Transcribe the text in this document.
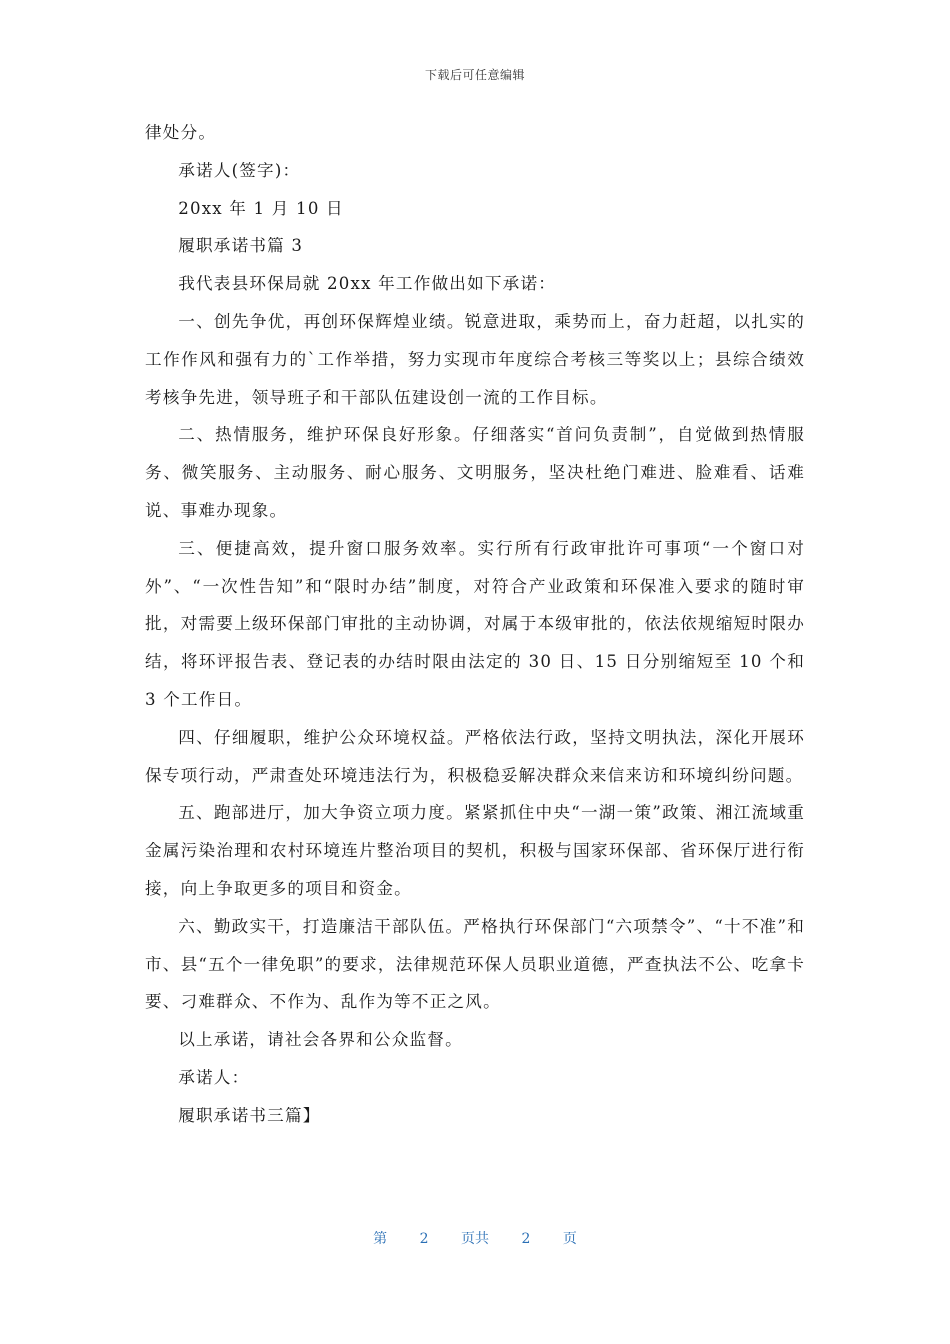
下载后可任意编辑

律处分。

承诺人(签字)：

20xx 年 1 月 10 日

履职承诺书篇 3

我代表县环保局就 20xx 年工作做出如下承诺：

一、创先争优，再创环保辉煌业绩。锐意进取，乘势而上，奋力赶超，以扎实的工作作风和强有力的`工作举措，努力实现市年度综合考核三等奖以上；县综合绩效考核争先进，领导班子和干部队伍建设创一流的工作目标。

二、热情服务，维护环保良好形象。仔细落实“首问负责制”，自觉做到热情服务、微笑服务、主动服务、耐心服务、文明服务，坚决杜绝门难进、脸难看、话难说、事难办现象。

三、便捷高效，提升窗口服务效率。实行所有行政审批许可事项“一个窗口对外”、“一次性告知”和“限时办结”制度，对符合产业政策和环保准入要求的随时审批，对需要上级环保部门审批的主动协调，对属于本级审批的，依法依规缩短时限办结，将环评报告表、登记表的办结时限由法定的 30 日、15 日分别缩短至 10 个和 3 个工作日。

四、仔细履职，维护公众环境权益。严格依法行政，坚持文明执法，深化开展环保专项行动，严肃查处环境违法行为，积极稳妥解决群众来信来访和环境纠纷问题。

五、跑部进厅，加大争资立项力度。紧紧抓住中央“一湖一策”政策、湘江流域重金属污染治理和农村环境连片整治项目的契机，积极与国家环保部、省环保厅进行衔接，向上争取更多的项目和资金。

六、勤政实干，打造廉洁干部队伍。严格执行环保部门“六项禁令”、“十不准”和市、县“五个一律免职”的要求，法律规范环保人员职业道德，严查执法不公、吃拿卡要、刁难群众、不作为、乱作为等不正之风。

以上承诺，请社会各界和公众监督。

承诺人：

履职承诺书三篇】

第 2 页共 2 页
